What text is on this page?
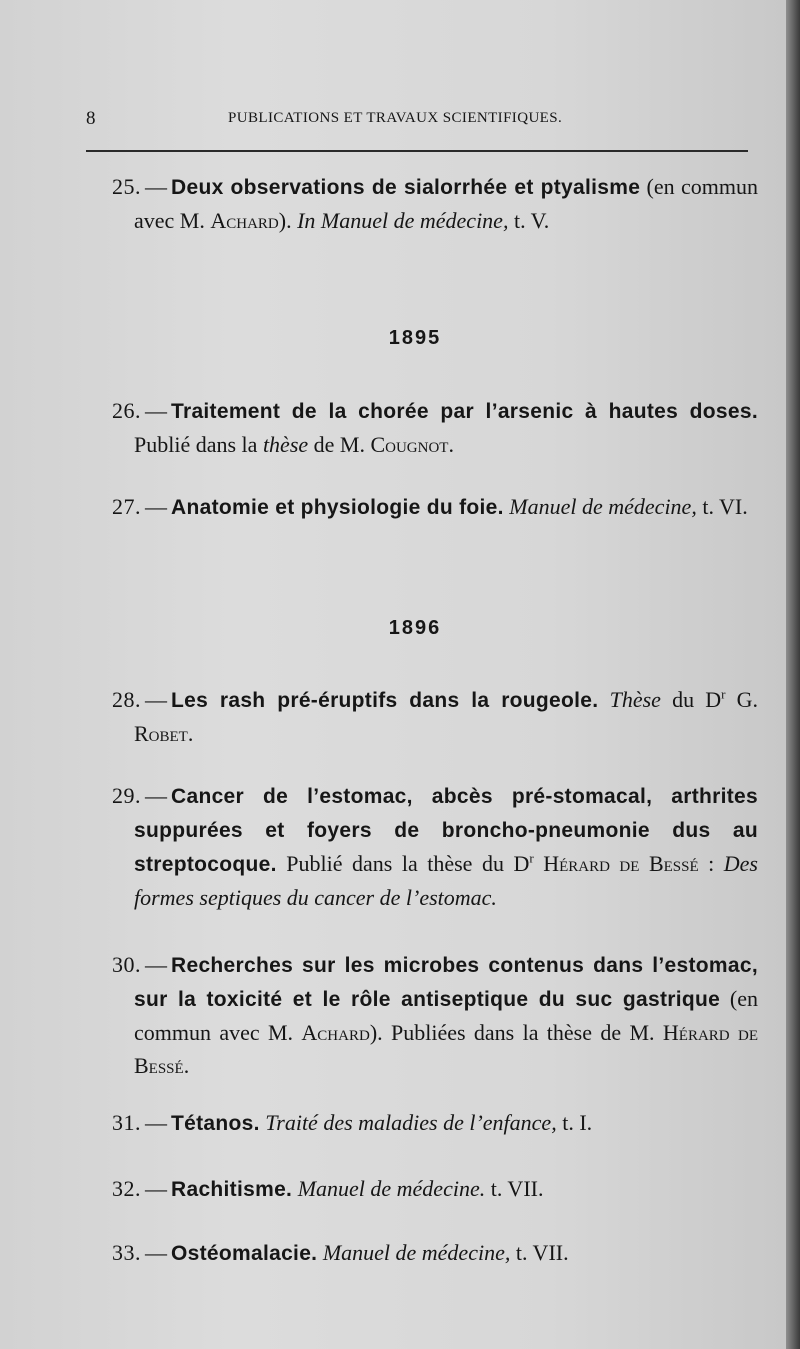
8	PUBLICATIONS ET TRAVAUX SCIENTIFIQUES.
25. — Deux observations de sialorrhée et ptyalisme (en commun avec M. Achard). In Manuel de médecine, t. V.
1895
26. — Traitement de la chorée par l’arsenic à hautes doses. Publié dans la thèse de M. Cougnot.
27. — Anatomie et physiologie du foie. Manuel de médecine, t. VI.
1896
28. — Les rash pré-éruptifs dans la rougeole. Thèse du $D^r$ G. Robet.
29. — Cancer de l’estomac, abcès pré-stomacal, arthrites suppurées et foyers de broncho-pneumonie dus au streptocoque. Publié dans la thèse du $D^r$ Hérard de Bessé : Des formes septiques du cancer de l’estomac.
30. — Recherches sur les microbes contenus dans l’estomac, sur la toxicité et le rôle antiseptique du suc gastrique (en commun avec M. Achard). Publiées dans la thèse de M. Hérard de Bessé.
31. — Tétanos. Traité des maladies de l’enfance, t. I.
32. — Rachitisme. Manuel de médecine. t. VII.
33. — Ostéomalacie. Manuel de médecine, t. VII.
